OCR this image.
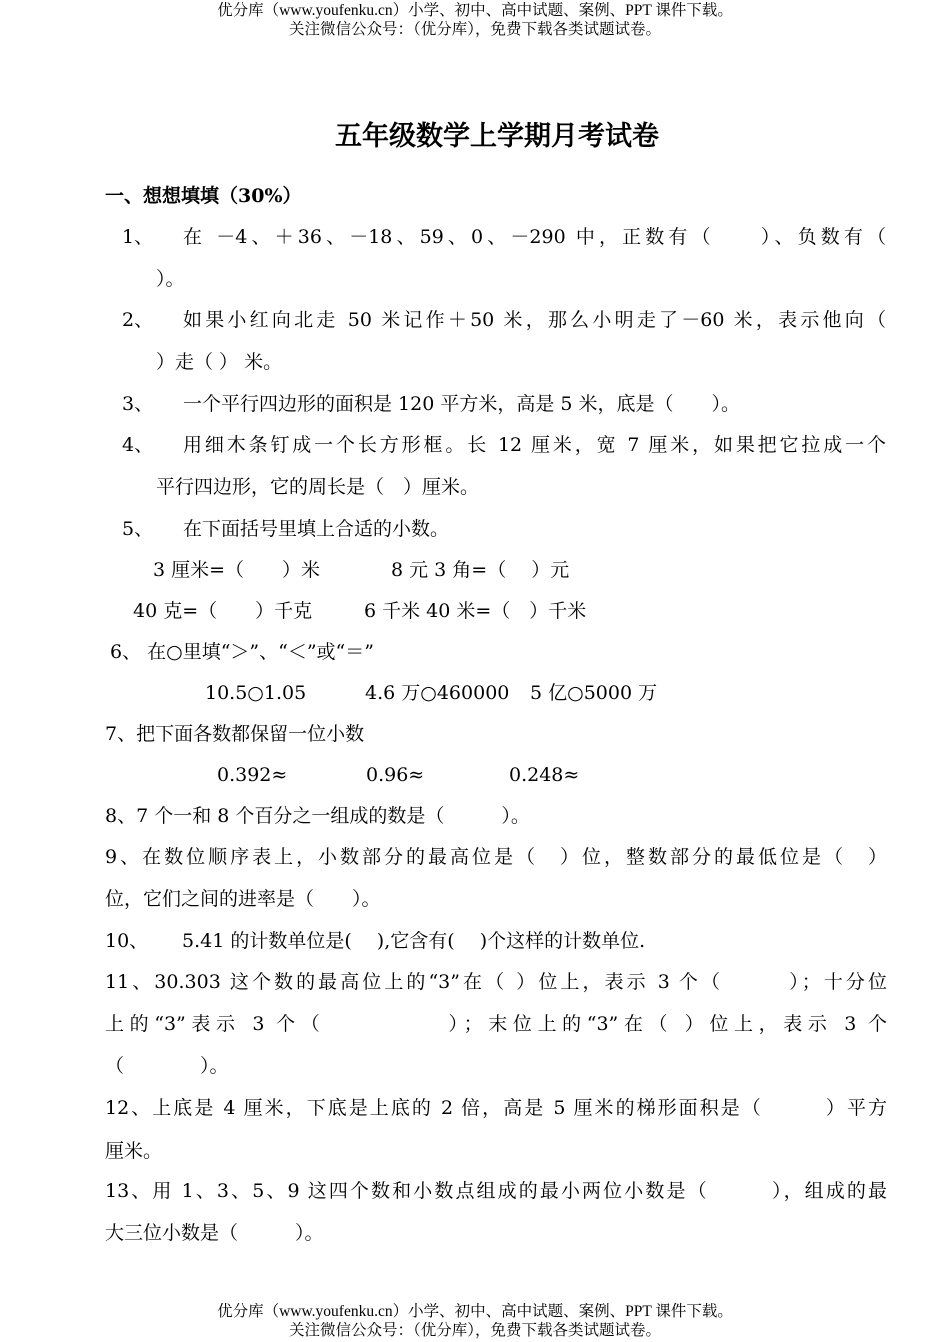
优分库（www.youfenku.cn）小学、初中、高中试题、案例、PPT 课件下载。
关注微信公众号：（优分库），免费下载各类试题试卷。
五年级数学上学期月考试卷
一、想想填填（30%）
1、 在 －4、＋36、－18、59、0、－290 中，正数有（　　）、负数有（
）。
2、 如果小红向北走 50 米记作＋50 米，那么小明走了－60 米，表示他向（
）走（ ） 米。
3、 一个平行四边形的面积是 120 平方米，高是 5 米，底是（　　）。
4、 用细木条钉成一个长方形框。长 12 厘米，宽 7 厘米，如果把它拉成一个
平行四边形，它的周长是（　）厘米。
5、 在下面括号里填上合适的小数。
3 厘米=（　　）米	8 元 3 角=（　 ）元
40 克=（　　）千克	6 千米 40 米=（　）千米
6、 在○里填“＞”、“＜”或“＝”
10.5○1.05	4.6 万○460000 5 亿○5000 万
7、把下面各数都保留一位小数
0.392≈	0.96≈	0.248≈
8、7 个一和 8 个百分之一组成的数是（　　　）。
9、在数位顺序表上，小数部分的最高位是（　）位，整数部分的最低位是（　）
位，它们之间的进率是（　　）。
10、 5.41 的计数单位是(　 ),它含有(　 )个这样的计数单位.
11、30.303 这个数的最高位上的“3”在（ ）位上，表示 3 个（　　　）；十分位
上的“3”表示 3 个（　　　　　）；末位上的“3”在（ ）位上，表示 3 个
（　　　　）。
12、上底是 4 厘米，下底是上底的 2 倍，高是 5 厘米的梯形面积是（　　　）平方
厘米。
13、用 1、3、5、9 这四个数和小数点组成的最小两位小数是（　　　），组成的最
大三位小数是（　　　）。
优分库（www.youfenku.cn）小学、初中、高中试题、案例、PPT 课件下载。
关注微信公众号：（优分库），免费下载各类试题试卷。
